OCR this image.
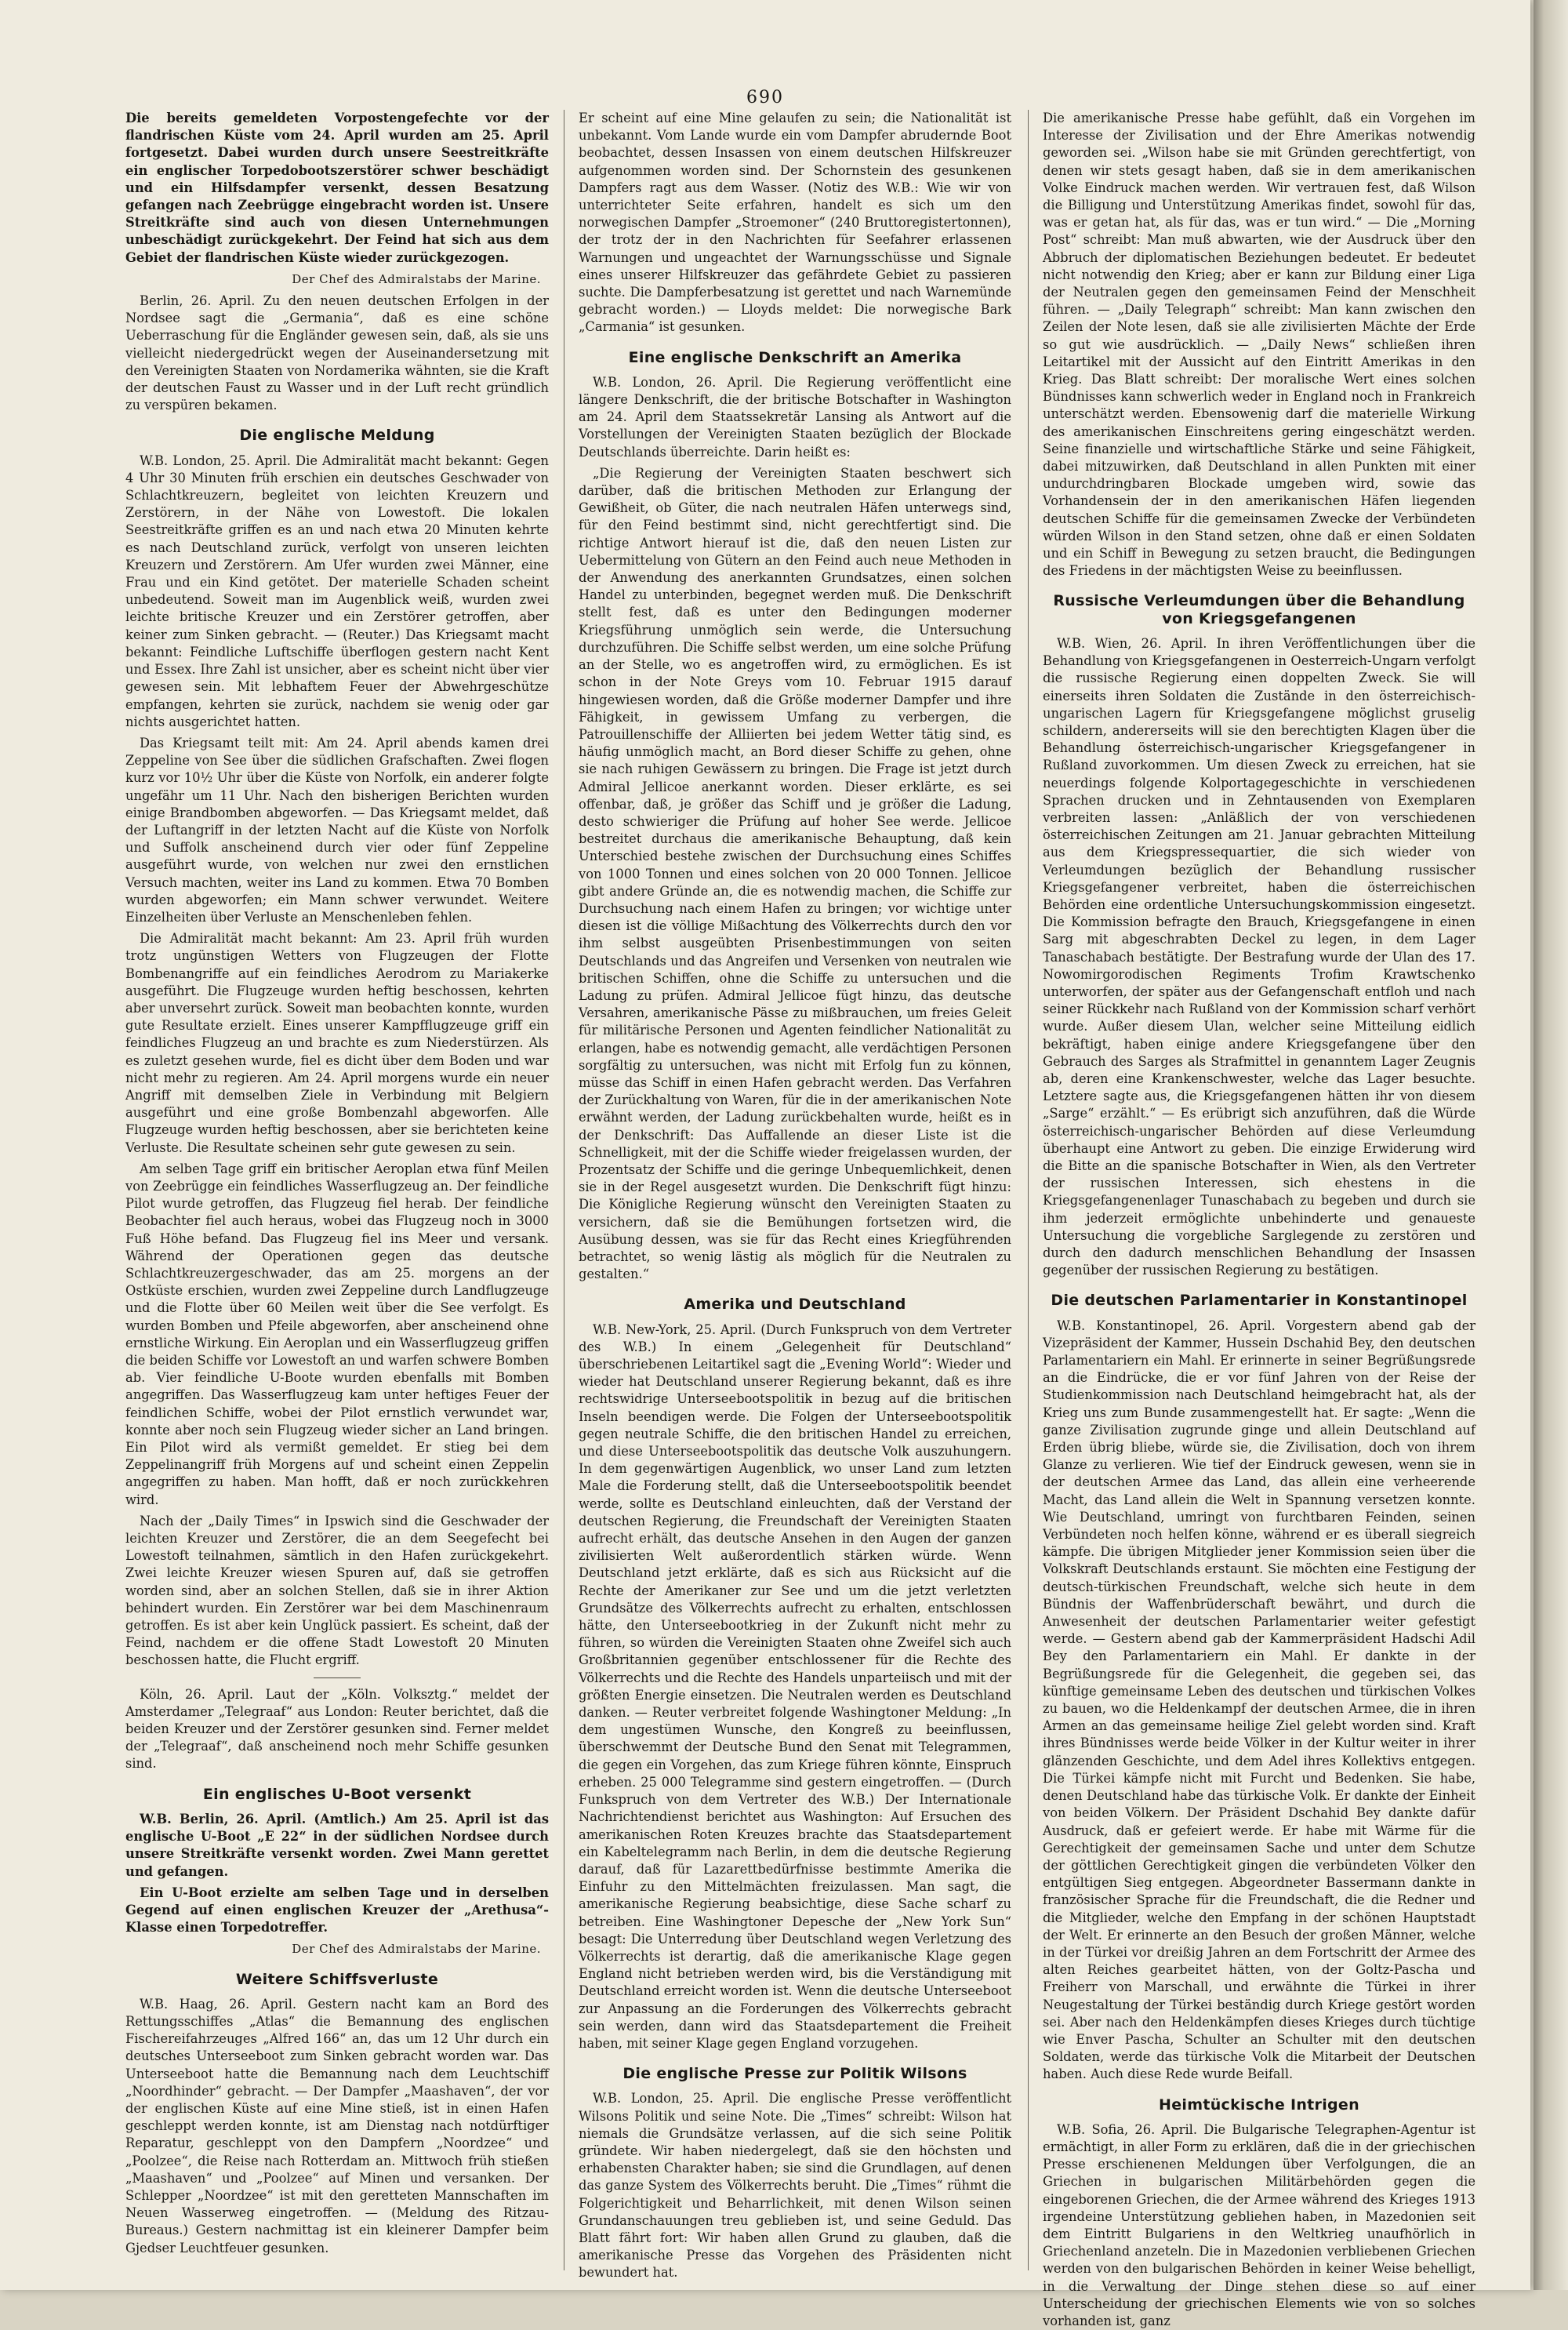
690

Die bereits gemeldeten Vorpostengefechte vor der flandrischen Küste vom 24. April wurden am 25. April fortgesetzt. Dabei wurden durch unsere Seestreitkräfte ein englischer Torpedobootszerstörer schwer beschädigt und ein Hilfsdampfer versenkt, dessen Besatzung gefangen nach Zeebrügge eingebracht worden ist. Unsere Streitkräfte sind auch von diesen Unternehmungen unbeschädigt zurückgekehrt. Der Feind hat sich aus dem Gebiet der flandrischen Küste wieder zurückgezogen.

Der Chef des Admiralstabs der Marine.

Berlin, 26. April. Zu den neuen deutschen Erfolgen in der Nordsee sagt die „Germania“, daß es eine schöne Ueberraschung für die Engländer gewesen sein, daß, als sie uns vielleicht niedergedrückt wegen der Auseinandersetzung mit den Vereinigten Staaten von Nordamerika wähnten, sie die Kraft der deutschen Faust zu Wasser und in der Luft recht gründlich zu verspüren bekamen.

Die englische Meldung

W.B. London, 25. April. Die Admiralität macht bekannt: Gegen 4 Uhr 30 Minuten früh erschien ein deutsches Geschwader von Schlachtkreuzern, begleitet von leichten Kreuzern und Zerstörern, in der Nähe von Lowestoft. Die lokalen Seestreitkräfte griffen es an und nach etwa 20 Minuten kehrte es nach Deutschland zurück, verfolgt von unseren leichten Kreuzern und Zerstörern. Am Ufer wurden zwei Männer, eine Frau und ein Kind getötet. Der materielle Schaden scheint unbedeutend. Soweit man im Augenblick weiß, wurden zwei leichte britische Kreuzer und ein Zerstörer getroffen, aber keiner zum Sinken gebracht. — (Reuter.) Das Kriegsamt macht bekannt: Feindliche Luftschiffe überflogen gestern nacht Kent und Essex. Ihre Zahl ist unsicher, aber es scheint nicht über vier gewesen sein. Mit lebhaftem Feuer der Abwehrgeschütze empfangen, kehrten sie zurück, nachdem sie wenig oder gar nichts ausgerichtet hatten.

Das Kriegsamt teilt mit: Am 24. April abends kamen drei Zeppeline von See über die südlichen Grafschaften. Zwei flogen kurz vor 10½ Uhr über die Küste von Norfolk, ein anderer folgte ungefähr um 11 Uhr. Nach den bisherigen Berichten wurden einige Brandbomben abgeworfen. — Das Kriegsamt meldet, daß der Luftangriff in der letzten Nacht auf die Küste von Norfolk und Suffolk anscheinend durch vier oder fünf Zeppeline ausgeführt wurde, von welchen nur zwei den ernstlichen Versuch machten, weiter ins Land zu kommen. Etwa 70 Bomben wurden abgeworfen; ein Mann schwer verwundet. Weitere Einzelheiten über Verluste an Menschenleben fehlen.

Die Admiralität macht bekannt: Am 23. April früh wurden trotz ungünstigen Wetters von Flugzeugen der Flotte Bombenangriffe auf ein feindliches Aerodrom zu Mariakerke ausgeführt. Die Flugzeuge wurden heftig beschossen, kehrten aber unversehrt zurück. Soweit man beobachten konnte, wurden gute Resultate erzielt. Eines unserer Kampfflugzeuge griff ein feindliches Flugzeug an und brachte es zum Niederstürzen. Als es zuletzt gesehen wurde, fiel es dicht über dem Boden und war nicht mehr zu regieren. Am 24. April morgens wurde ein neuer Angriff mit demselben Ziele in Verbindung mit Belgiern ausgeführt und eine große Bombenzahl abgeworfen. Alle Flugzeuge wurden heftig beschossen, aber sie berichteten keine Verluste. Die Resultate scheinen sehr gute gewesen zu sein.

Am selben Tage griff ein britischer Aeroplan etwa fünf Meilen von Zeebrügge ein feindliches Wasserflugzeug an. Der feindliche Pilot wurde getroffen, das Flugzeug fiel herab. Der feindliche Beobachter fiel auch heraus, wobei das Flugzeug noch in 3000 Fuß Höhe befand. Das Flugzeug fiel ins Meer und versank. Während der Operationen gegen das deutsche Schlachtkreuzergeschwader, das am 25. morgens an der Ostküste erschien, wurden zwei Zeppeline durch Landflugzeuge und die Flotte über 60 Meilen weit über die See verfolgt. Es wurden Bomben und Pfeile abgeworfen, aber anscheinend ohne ernstliche Wirkung. Ein Aeroplan und ein Wasserflugzeug griffen die beiden Schiffe vor Lowestoft an und warfen schwere Bomben ab. Vier feindliche U-Boote wurden ebenfalls mit Bomben angegriffen. Das Wasserflugzeug kam unter heftiges Feuer der feindlichen Schiffe, wobei der Pilot ernstlich verwundet war, konnte aber noch sein Flugzeug wieder sicher an Land bringen. Ein Pilot wird als vermißt gemeldet. Er stieg bei dem Zeppelinangriff früh Morgens auf und scheint einen Zeppelin angegriffen zu haben. Man hofft, daß er noch zurückkehren wird.

Nach der „Daily Times“ in Ipswich sind die Geschwader der leichten Kreuzer und Zerstörer, die an dem Seegefecht bei Lowestoft teilnahmen, sämtlich in den Hafen zurückgekehrt. Zwei leichte Kreuzer wiesen Spuren auf, daß sie getroffen worden sind, aber an solchen Stellen, daß sie in ihrer Aktion behindert wurden. Ein Zerstörer war bei dem Maschinenraum getroffen. Es ist aber kein Unglück passiert. Es scheint, daß der Feind, nachdem er die offene Stadt Lowestoft 20 Minuten beschossen hatte, die Flucht ergriff.

Köln, 26. April. Laut der „Köln. Volksztg.“ meldet der Amsterdamer „Telegraaf“ aus London: Reuter berichtet, daß die beiden Kreuzer und der Zerstörer gesunken sind. Ferner meldet der „Telegraaf“, daß anscheinend noch mehr Schiffe gesunken sind.

Ein englisches U-Boot versenkt

W.B. Berlin, 26. April. (Amtlich.) Am 25. April ist das englische U-Boot „E 22“ in der südlichen Nordsee durch unsere Streitkräfte versenkt worden. Zwei Mann gerettet und gefangen.

Ein U-Boot erzielte am selben Tage und in derselben Gegend auf einen englischen Kreuzer der „Arethusa“-Klasse einen Torpedotreffer.

Der Chef des Admiralstabs der Marine.
Weitere Schiffsverluste

W.B. Haag, 26. April. Gestern nacht kam an Bord des Rettungsschiffes „Atlas“ die Bemannung des englischen Fischereifahrzeuges „Alfred 166“ an, das um 12 Uhr durch ein deutsches Unterseeboot zum Sinken gebracht worden war. Das Unterseeboot hatte die Bemannung nach dem Leuchtschiff „Noordhinder“ gebracht. — Der Dampfer „Maashaven“, der vor der englischen Küste auf eine Mine stieß, ist in einen Hafen geschleppt werden konnte, ist am Dienstag nach notdürftiger Reparatur, geschleppt von den Dampfern „Noordzee“ und „Poolzee“, die Reise nach Rotterdam an. Mittwoch früh stießen „Maashaven“ und „Poolzee“ auf Minen und versanken. Der Schlepper „Noordzee“ ist mit den geretteten Mannschaften im Neuen Wasserweg eingetroffen. — (Meldung des Ritzau-Bureaus.) Gestern nachmittag ist ein kleinerer Dampfer beim Gjedser Leuchtfeuer gesunken.

Er scheint auf eine Mine gelaufen zu sein; die Nationalität ist unbekannt. Vom Lande wurde ein vom Dampfer abrudernde Boot beobachtet, dessen Insassen von einem deutschen Hilfskreuzer aufgenommen worden sind. Der Schornstein des gesunkenen Dampfers ragt aus dem Wasser. (Notiz des W.B.: Wie wir von unterrichteter Seite erfahren, handelt es sich um den norwegischen Dampfer „Stroemoner“ (240 Bruttoregistertonnen), der trotz der in den Nachrichten für Seefahrer erlassenen Warnungen und ungeachtet der Warnungsschüsse und Signale eines unserer Hilfskreuzer das gefährdete Gebiet zu passieren suchte. Die Dampferbesatzung ist gerettet und nach Warnemünde gebracht worden.) — Lloyds meldet: Die norwegische Bark „Carmania“ ist gesunken.

Eine englische Denkschrift an Amerika

W.B. London, 26. April. Die Regierung veröffentlicht eine längere Denkschrift, die der britische Botschafter in Washington am 24. April dem Staatssekretär Lansing als Antwort auf die Vorstellungen der Vereinigten Staaten bezüglich der Blockade Deutschlands überreichte. Darin heißt es:

„Die Regierung der Vereinigten Staaten beschwert sich darüber, daß die britischen Methoden zur Erlangung der Gewißheit, ob Güter, die nach neutralen Häfen unterwegs sind, für den Feind bestimmt sind, nicht gerechtfertigt sind. Die richtige Antwort hierauf ist die, daß den neuen Listen zur Uebermittelung von Gütern an den Feind auch neue Methoden in der Anwendung des anerkannten Grundsatzes, einen solchen Handel zu unterbinden, begegnet werden muß. Die Denkschrift stellt fest, daß es unter den Bedingungen moderner Kriegsführung unmöglich sein werde, die Untersuchung durchzuführen. Die Schiffe selbst werden, um eine solche Prüfung an der Stelle, wo es angetroffen wird, zu ermöglichen. Es ist schon in der Note Greys vom 10. Februar 1915 darauf hingewiesen worden, daß die Größe moderner Dampfer und ihre Fähigkeit, in gewissem Umfang zu verbergen, die Patrouillenschiffe der Alliierten bei jedem Wetter tätig sind, es häufig unmöglich macht, an Bord dieser Schiffe zu gehen, ohne sie nach ruhigen Gewässern zu bringen. Die Frage ist jetzt durch Admiral Jellicoe anerkannt worden. Dieser erklärte, es sei offenbar, daß, je größer das Schiff und je größer die Ladung, desto schwieriger die Prüfung auf hoher See werde. Jellicoe bestreitet durchaus die amerikanische Behauptung, daß kein Unterschied bestehe zwischen der Durchsuchung eines Schiffes von 1000 Tonnen und eines solchen von 20 000 Tonnen. Jellicoe gibt andere Gründe an, die es notwendig machen, die Schiffe zur Durchsuchung nach einem Hafen zu bringen; vor wichtige unter diesen ist die völlige Mißachtung des Völkerrechts durch den vor ihm selbst ausgeübten Prisenbestimmungen von seiten Deutschlands und das Angreifen und Versenken von neutralen wie britischen Schiffen, ohne die Schiffe zu untersuchen und die Ladung zu prüfen. Admiral Jellicoe fügt hinzu, das deutsche Versahren, amerikanische Pässe zu mißbrauchen, um freies Geleit für militärische Personen und Agenten feindlicher Nationalität zu erlangen, habe es notwendig gemacht, alle verdächtigen Personen sorgfältig zu untersuchen, was nicht mit Erfolg fun zu können, müsse das Schiff in einen Hafen gebracht werden. Das Verfahren der Zurückhaltung von Waren, für die in der amerikanischen Note erwähnt werden, der Ladung zurückbehalten wurde, heißt es in der Denkschrift: Das Auffallende an dieser Liste ist die Schnelligkeit, mit der die Schiffe wieder freigelassen wurden, der Prozentsatz der Schiffe und die geringe Unbequemlichkeit, denen sie in der Regel ausgesetzt wurden. Die Denkschrift fügt hinzu: Die Königliche Regierung wünscht den Vereinigten Staaten zu versichern, daß sie die Bemühungen fortsetzen wird, die Ausübung dessen, was sie für das Recht eines Kriegführenden betrachtet, so wenig lästig als möglich für die Neutralen zu gestalten.“

Amerika und Deutschland

W.B. New-York, 25. April. (Durch Funkspruch von dem Vertreter des W.B.) In einem „Gelegenheit für Deutschland“ überschriebenen Leitartikel sagt die „Evening World“: Wieder und wieder hat Deutschland unserer Regierung bekannt, daß es ihre rechtswidrige Unterseebootspolitik in bezug auf die britischen Inseln beendigen werde. Die Folgen der Unterseebootspolitik gegen neutrale Schiffe, die den britischen Handel zu erreichen, und diese Unterseebootspolitik das deutsche Volk auszuhungern. In dem gegenwärtigen Augenblick, wo unser Land zum letzten Male die Forderung stellt, daß die Unterseebootspolitik beendet werde, sollte es Deutschland einleuchten, daß der Verstand der deutschen Regierung, die Freundschaft der Vereinigten Staaten aufrecht erhält, das deutsche Ansehen in den Augen der ganzen zivilisierten Welt außerordentlich stärken würde. Wenn Deutschland jetzt erklärte, daß es sich aus Rücksicht auf die Rechte der Amerikaner zur See und um die jetzt verletzten Grundsätze des Völkerrechts aufrecht zu erhalten, entschlossen hätte, den Unterseebootkrieg in der Zukunft nicht mehr zu führen, so würden die Vereinigten Staaten ohne Zweifel sich auch Großbritannien gegenüber entschlossener für die Rechte des Völkerrechts und die Rechte des Handels unparteiisch und mit der größten Energie einsetzen. Die Neutralen werden es Deutschland danken. — Reuter verbreitet folgende Washingtoner Meldung: „In dem ungestümen Wunsche, den Kongreß zu beeinflussen, überschwemmt der Deutsche Bund den Senat mit Telegrammen, die gegen ein Vorgehen, das zum Kriege führen könnte, Einspruch erheben. 25 000 Telegramme sind gestern eingetroffen. — (Durch Funkspruch von dem Vertreter des W.B.) Der Internationale Nachrichtendienst berichtet aus Washington: Auf Ersuchen des amerikanischen Roten Kreuzes brachte das Staatsdepartement ein Kabeltelegramm nach Berlin, in dem die deutsche Regierung darauf, daß für Lazarettbedürfnisse bestimmte Amerika die Einfuhr zu den Mittelmächten freizulassen. Man sagt, die amerikanische Regierung beabsichtige, diese Sache scharf zu betreiben. Eine Washingtoner Depesche der „New York Sun“ besagt: Die Unterredung über Deutschland wegen Verletzung des Völkerrechts ist derartig, daß die amerikanische Klage gegen England nicht betrieben werden wird, bis die Verständigung mit Deutschland erreicht worden ist. Wenn die deutsche Unterseeboot zur Anpassung an die Forderungen des Völkerrechts gebracht sein werden, dann wird das Staatsdepartement die Freiheit haben, mit seiner Klage gegen England vorzugehen.

Die englische Presse zur Politik Wilsons

W.B. London, 25. April. Die englische Presse veröffentlicht Wilsons Politik und seine Note. Die „Times“ schreibt: Wilson hat niemals die Grundsätze verlassen, auf die sich seine Politik gründete. Wir haben niedergelegt, daß sie den höchsten und erhabensten Charakter haben; sie sind die Grundlagen, auf denen das ganze System des Völkerrechts beruht. Die „Times“ rühmt die Folgerichtigkeit und Beharrlichkeit, mit denen Wilson seinen Grundanschauungen treu geblieben ist, und seine Geduld. Das Blatt fährt fort: Wir haben allen Grund zu glauben, daß die amerikanische Presse das Vorgehen des Präsidenten nicht bewundert hat.

Die amerikanische Presse habe gefühlt, daß ein Vorgehen im Interesse der Zivilisation und der Ehre Amerikas notwendig geworden sei. „Wilson habe sie mit Gründen gerechtfertigt, von denen wir stets gesagt haben, daß sie in dem amerikanischen Volke Eindruck machen werden. Wir vertrauen fest, daß Wilson die Billigung und Unterstützung Amerikas findet, sowohl für das, was er getan hat, als für das, was er tun wird.“ — Die „Morning Post“ schreibt: Man muß abwarten, wie der Ausdruck über den Abbruch der diplomatischen Beziehungen bedeutet. Er bedeutet nicht notwendig den Krieg; aber er kann zur Bildung einer Liga der Neutralen gegen den gemeinsamen Feind der Menschheit führen. — „Daily Telegraph“ schreibt: Man kann zwischen den Zeilen der Note lesen, daß sie alle zivilisierten Mächte der Erde so gut wie ausdrücklich. — „Daily News“ schließen ihren Leitartikel mit der Aussicht auf den Eintritt Amerikas in den Krieg. Das Blatt schreibt: Der moralische Wert eines solchen Bündnisses kann schwerlich weder in England noch in Frankreich unterschätzt werden. Ebensowenig darf die materielle Wirkung des amerikanischen Einschreitens gering eingeschätzt werden. Seine finanzielle und wirtschaftliche Stärke und seine Fähigkeit, dabei mitzuwirken, daß Deutschland in allen Punkten mit einer undurchdringbaren Blockade umgeben wird, sowie das Vorhandensein der in den amerikanischen Häfen liegenden deutschen Schiffe für die gemeinsamen Zwecke der Verbündeten würden Wilson in den Stand setzen, ohne daß er einen Soldaten und ein Schiff in Bewegung zu setzen braucht, die Bedingungen des Friedens in der mächtigsten Weise zu beeinflussen.

Russische Verleumdungen über die Behandlung von Kriegsgefangenen

W.B. Wien, 26. April. In ihren Veröffentlichungen über die Behandlung von Kriegsgefangenen in Oesterreich-Ungarn verfolgt die russische Regierung einen doppelten Zweck. Sie will einerseits ihren Soldaten die Zustände in den österreichisch-ungarischen Lagern für Kriegsgefangene möglichst gruselig schildern, andererseits will sie den berechtigten Klagen über die Behandlung österreichisch-ungarischer Kriegsgefangener in Rußland zuvorkommen. Um diesen Zweck zu erreichen, hat sie neuerdings folgende Kolportagegeschichte in verschiedenen Sprachen drucken und in Zehntausenden von Exemplaren verbreiten lassen: „Anläßlich der von verschiedenen österreichischen Zeitungen am 21. Januar gebrachten Mitteilung aus dem Kriegspressequartier, die sich wieder von Verleumdungen bezüglich der Behandlung russischer Kriegsgefangener verbreitet, haben die österreichischen Behörden eine ordentliche Untersuchungskommission eingesetzt. Die Kommission befragte den Brauch, Kriegsgefangene in einen Sarg mit abgeschrabten Deckel zu legen, in dem Lager Tanaschabach bestätigte. Der Bestrafung wurde der Ulan des 17. Nowomirgorodischen Regiments Trofim Krawtschenko unterworfen, der später aus der Gefangenschaft entfloh und nach seiner Rückkehr nach Rußland von der Kommission scharf verhört wurde. Außer diesem Ulan, welcher seine Mitteilung eidlich bekräftigt, haben einige andere Kriegsgefangene über den Gebrauch des Sarges als Strafmittel in genanntem Lager Zeugnis ab, deren eine Krankenschwester, welche das Lager besuchte. Letztere sagte aus, die Kriegsgefangenen hätten ihr von diesem „Sarge“ erzählt.“ — Es erübrigt sich anzuführen, daß die Würde österreichisch-ungarischer Behörden auf diese Verleumdung überhaupt eine Antwort zu geben. Die einzige Erwiderung wird die Bitte an die spanische Botschafter in Wien, als den Vertreter der russischen Interessen, sich ehestens in die Kriegsgefangenenlager Tunaschabach zu begeben und durch sie ihm jederzeit ermöglichte unbehinderte und genaueste Untersuchung die vorgebliche Sarglegende zu zerstören und durch den dadurch menschlichen Behandlung der Insassen gegenüber der russischen Regierung zu bestätigen.

Die deutschen Parlamentarier in Konstantinopel

W.B. Konstantinopel, 26. April. Vorgestern abend gab der Vizepräsident der Kammer, Hussein Dschahid Bey, den deutschen Parlamentariern ein Mahl. Er erinnerte in seiner Begrüßungsrede an die Eindrücke, die er vor fünf Jahren von der Reise der Studienkommission nach Deutschland heimgebracht hat, als der Krieg uns zum Bunde zusammengestellt hat. Er sagte: „Wenn die ganze Zivilisation zugrunde ginge und allein Deutschland auf Erden übrig bliebe, würde sie, die Zivilisation, doch von ihrem Glanze zu verlieren. Wie tief der Eindruck gewesen, wenn sie in der deutschen Armee das Land, das allein eine verheerende Macht, das Land allein die Welt in Spannung versetzen konnte. Wie Deutschland, umringt von furchtbaren Feinden, seinen Verbündeten noch helfen könne, während er es überall siegreich kämpfe. Die übrigen Mitglieder jener Kommission seien über die Volkskraft Deutschlands erstaunt. Sie möchten eine Festigung der deutsch-türkischen Freundschaft, welche sich heute in dem Bündnis der Waffenbrüderschaft bewährt, und durch die Anwesenheit der deutschen Parlamentarier weiter gefestigt werde. — Gestern abend gab der Kammerpräsident Hadschi Adil Bey den Parlamentariern ein Mahl. Er dankte in der Begrüßungsrede für die Gelegenheit, die gegeben sei, das künftige gemeinsame Leben des deutschen und türkischen Volkes zu bauen, wo die Heldenkampf der deutschen Armee, die in ihren Armen an das gemeinsame heilige Ziel gelebt worden sind. Kraft ihres Bündnisses werde beide Völker in der Kultur weiter in ihrer glänzenden Geschichte, und dem Adel ihres Kollektivs entgegen. Die Türkei kämpfe nicht mit Furcht und Bedenken. Sie habe, denen Deutschland habe das türkische Volk. Er dankte der Einheit von beiden Völkern. Der Präsident Dschahid Bey dankte dafür Ausdruck, daß er gefeiert werde. Er habe mit Wärme für die Gerechtigkeit der gemeinsamen Sache und unter dem Schutze der göttlichen Gerechtigkeit gingen die verbündeten Völker den entgültigen Sieg entgegen. Abgeordneter Bassermann dankte in französischer Sprache für die Freundschaft, die die Redner und die Mitglieder, welche den Empfang in der schönen Hauptstadt der Welt. Er erinnerte an den Besuch der großen Männer, welche in der Türkei vor dreißig Jahren an dem Fortschritt der Armee des alten Reiches gearbeitet hätten, von der Goltz-Pascha und Freiherr von Marschall, und erwähnte die Türkei in ihrer Neugestaltung der Türkei beständig durch Kriege gestört worden sei. Aber nach den Heldenkämpfen dieses Krieges durch tüchtige wie Enver Pascha, Schulter an Schulter mit den deutschen Soldaten, werde das türkische Volk die Mitarbeit der Deutschen haben. Auch diese Rede wurde Beifall.

Heimtückische Intrigen

W.B. Sofia, 26. April. Die Bulgarische Telegraphen-Agentur ist ermächtigt, in aller Form zu erklären, daß die in der griechischen Presse erschienenen Meldungen über Verfolgungen, die an Griechen in bulgarischen Militärbehörden gegen die eingeborenen Griechen, die der Armee während des Krieges 1913 irgendeine Unterstützung gebliehen haben, in Mazedonien seit dem Eintritt Bulgariens in den Weltkrieg unaufhörlich in Griechenland anzeteln. Die in Mazedonien verbliebenen Griechen werden von den bulgarischen Behörden in keiner Weise behelligt, in die Verwaltung der Dinge stehen diese so auf einer Unterscheidung der griechischen Elements wie von so solches vorhanden ist, ganz
